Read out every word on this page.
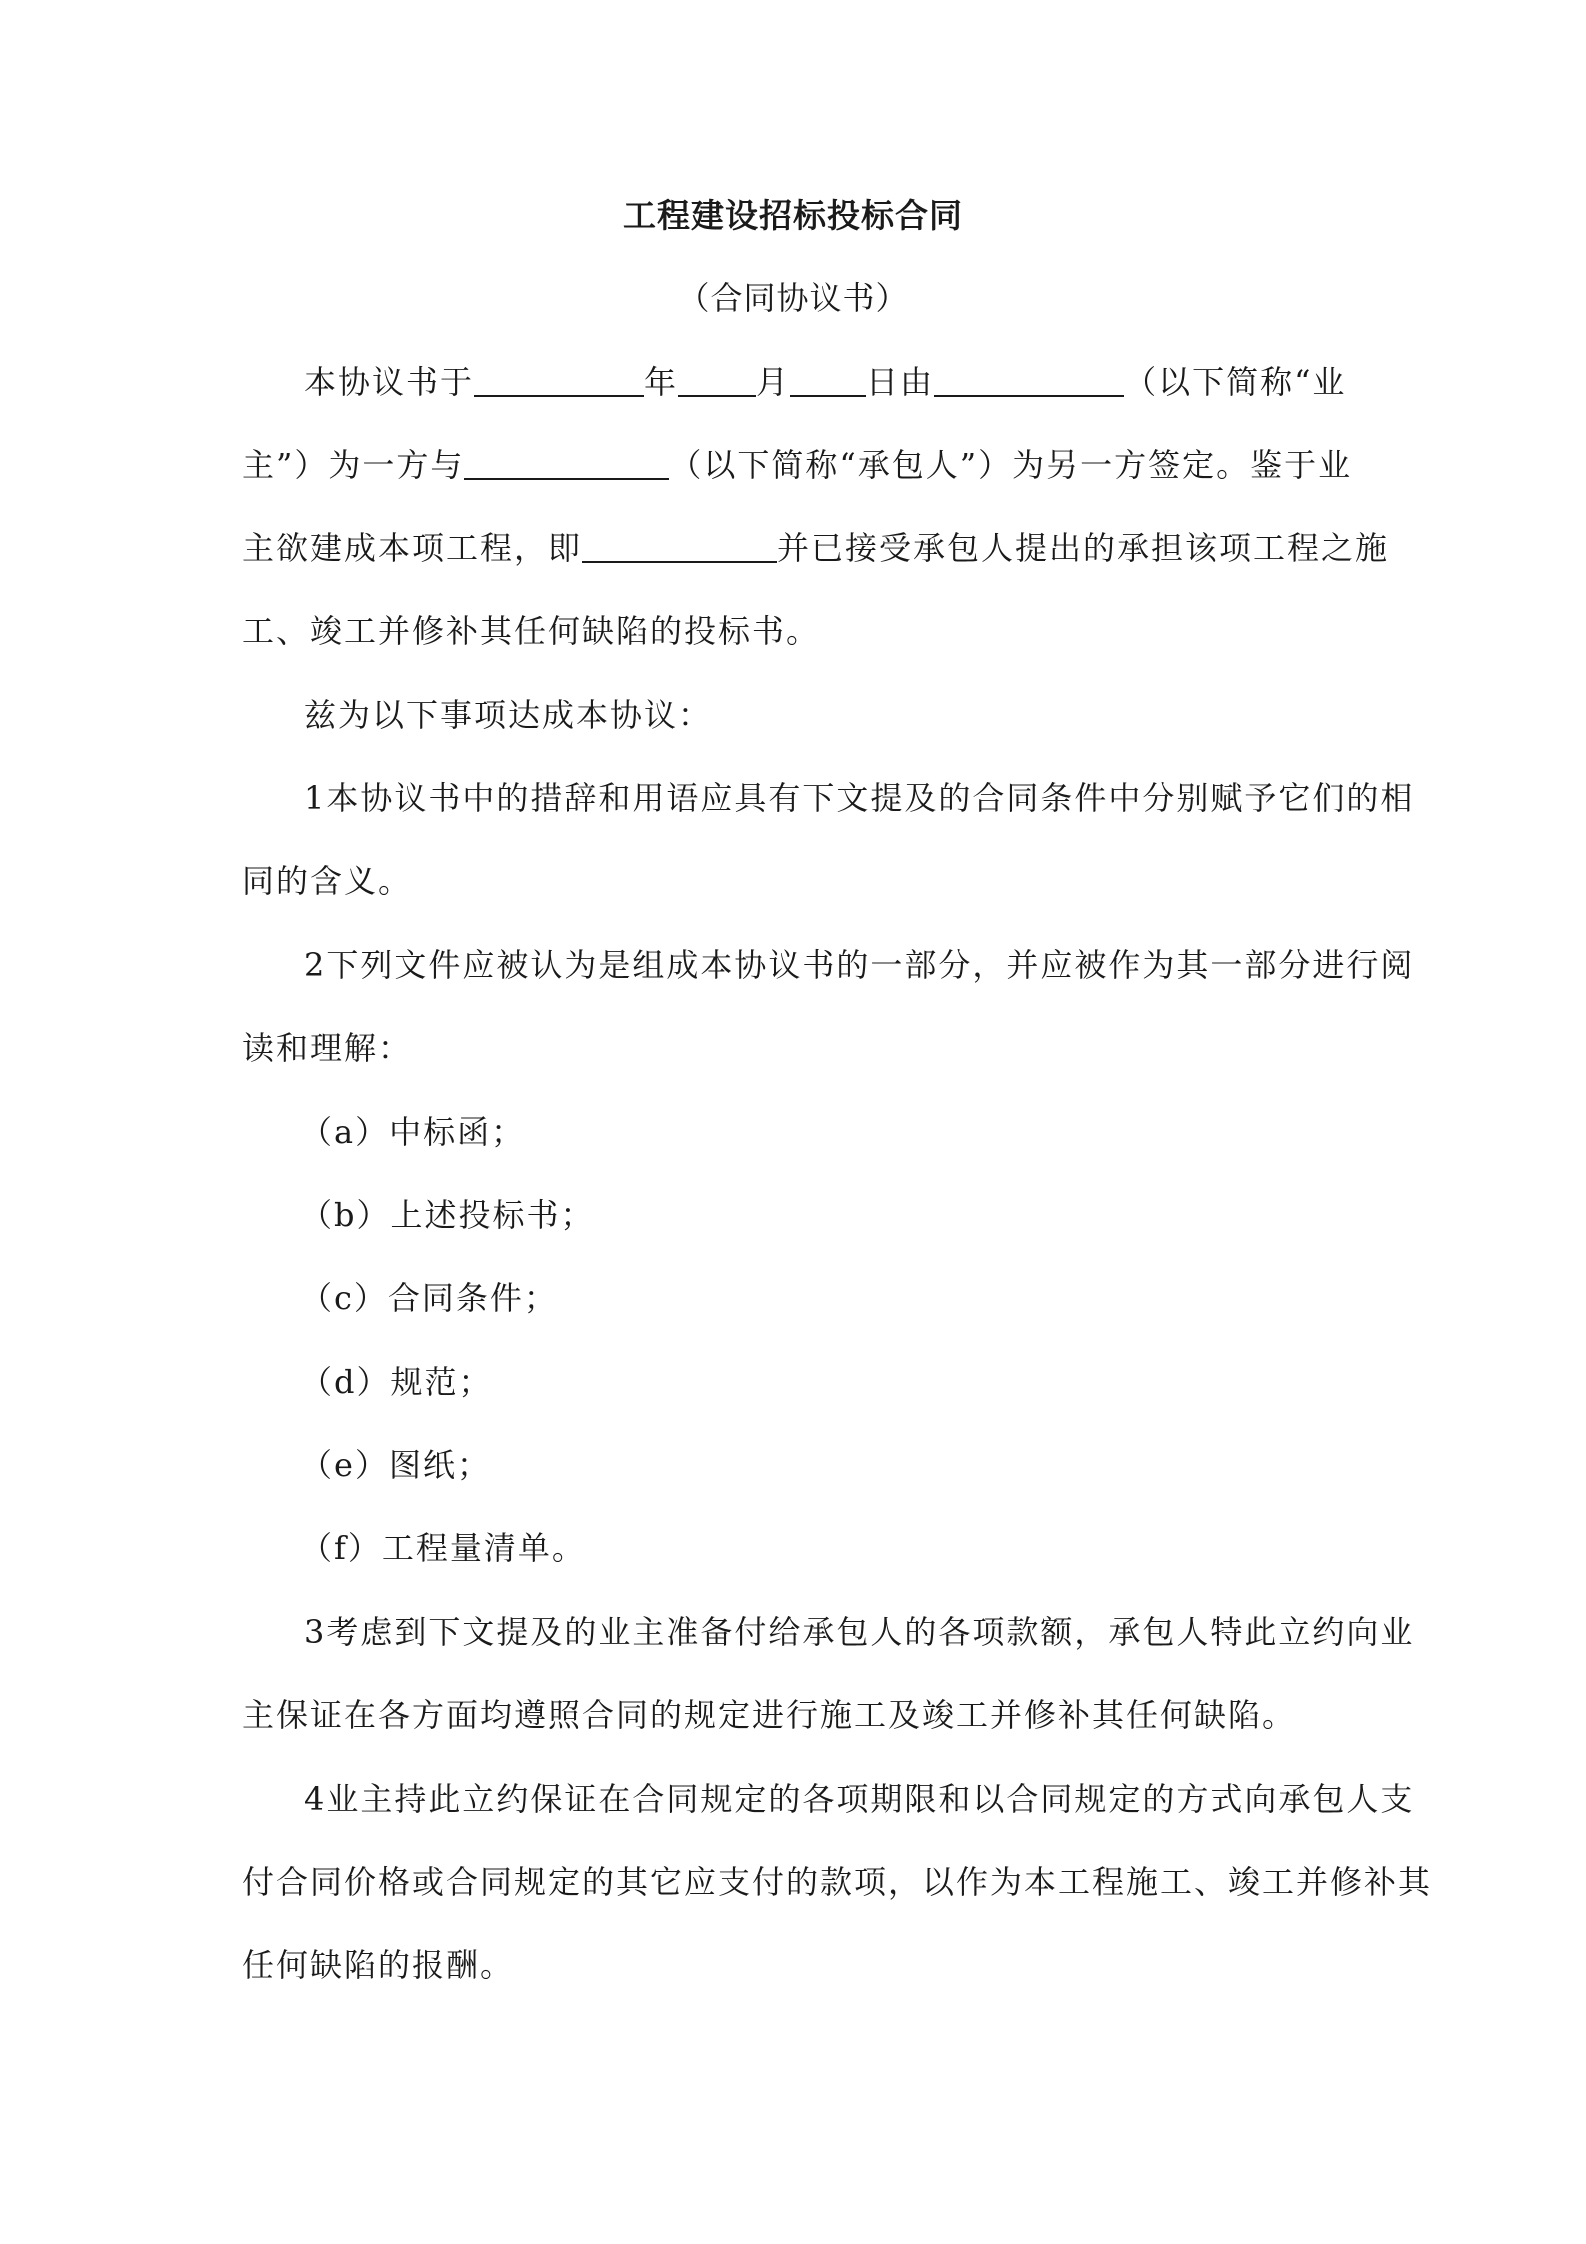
工程建设招标投标合同
（合同协议书）
本协议书于	年 月 日由	（以下简称“业
主”）为一方与	（以下简称“承包人”）为另一方签定。鉴于业
主欲建成本项工程，即	并已接受承包人提出的承担该项工程之施
工、竣工并修补其任何缺陷的投标书。
兹为以下事项达成本协议：
1本协议书中的措辞和用语应具有下文提及的合同条件中分别赋予它们的相
同的含义。
2下列文件应被认为是组成本协议书的一部分，并应被作为其一部分进行阅
读和理解：
（a）中标函；
（b）上述投标书；
（c）合同条件；
（d）规范；
（e）图纸；
（f）工程量清单。
3考虑到下文提及的业主准备付给承包人的各项款额，承包人特此立约向业
主保证在各方面均遵照合同的规定进行施工及竣工并修补其任何缺陷。
4业主持此立约保证在合同规定的各项期限和以合同规定的方式向承包人支
付合同价格或合同规定的其它应支付的款项，以作为本工程施工、竣工并修补其
任何缺陷的报酬。
